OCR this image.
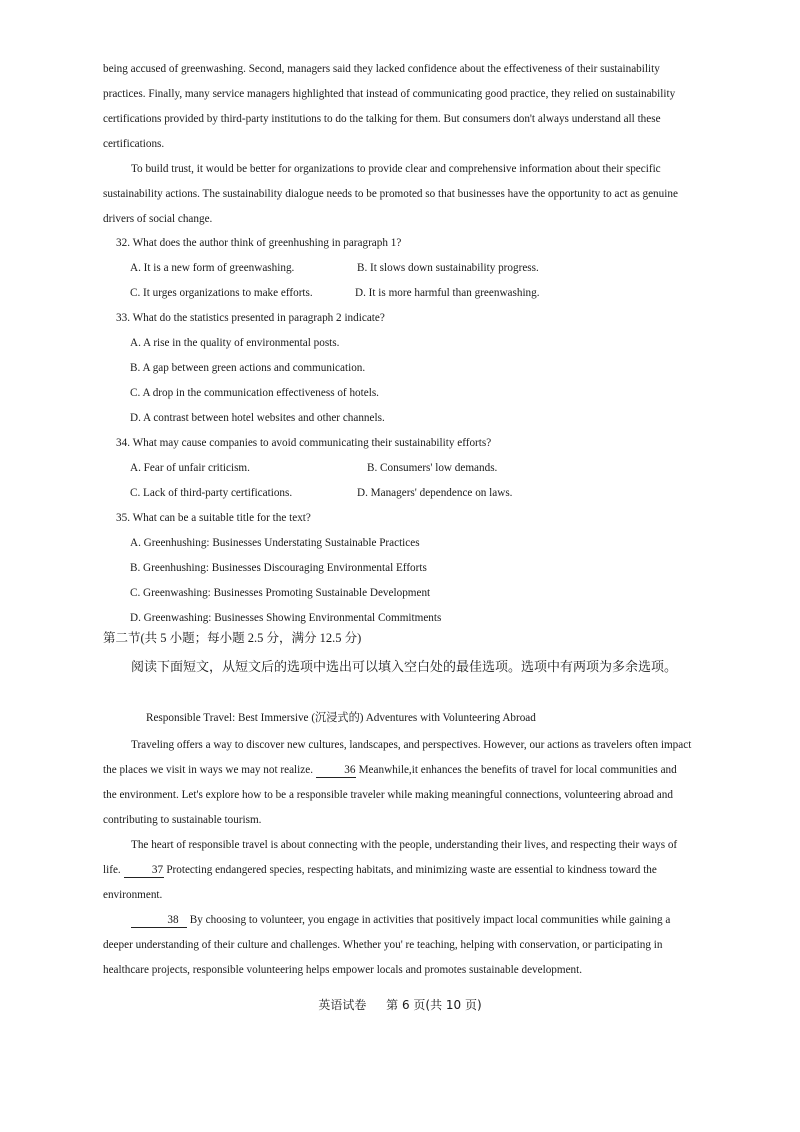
being accused of greenwashing. Second, managers said they lacked confidence about the effectiveness of their sustainability practices. Finally, many service managers highlighted that instead of communicating good practice, they relied on sustainability certifications provided by third-party institutions to do the talking for them. But consumers don't always understand all these certifications.

To build trust, it would be better for organizations to provide clear and comprehensive information about their specific sustainability actions. The sustainability dialogue needs to be promoted so that businesses have the opportunity to act as genuine drivers of social change.

32. What does the author think of greenhushing in paragraph 1?
A. It is a new form of greenwashing.	B. It slows down sustainability progress.
C. It urges organizations to make efforts.	D. It is more harmful than greenwashing.
33. What do the statistics presented in paragraph 2 indicate?
A. A rise in the quality of environmental posts.
B. A gap between green actions and communication.
C. A drop in the communication effectiveness of hotels.
D. A contrast between hotel websites and other channels.
34. What may cause companies to avoid communicating their sustainability efforts?
A. Fear of unfair criticism.	B. Consumers' low demands.
C. Lack of third-party certifications.	D. Managers' dependence on laws.
35. What can be a suitable title for the text?
A. Greenhushing: Businesses Understating Sustainable Practices
B. Greenhushing: Businesses Discouraging Environmental Efforts
C. Greenwashing: Businesses Promoting Sustainable Development
D. Greenwashing: Businesses Showing Environmental Commitments
第二节(共 5 小题；每小题 2.5 分，满分 12.5 分)

阅读下面短文，从短文后的选项中选出可以填入空白处的最佳选项。选项中有两项为多余选项。

Responsible Travel: Best Immersive (沉浸式的) Adventures with Volunteering Abroad

Traveling offers a way to discover new cultures, landscapes, and perspectives. However, our actions as travelers often impact the places we visit in ways we may not realize.	36 Meanwhile,it enhances the benefits of travel for local communities and the environment. Let's explore how to be a responsible traveler while making meaningful connections, volunteering abroad and contributing to sustainable tourism.

The heart of responsible travel is about connecting with the people, understanding their lives, and respecting their ways of life.	37 Protecting endangered species, respecting habitats, and minimizing waste are essential to kindness toward the environment.

38 By choosing to volunteer, you engage in activities that positively impact local communities while gaining a deeper understanding of their culture and challenges. Whether you' re teaching, helping with conservation, or participating in healthcare projects, responsible volunteering helps empower locals and promotes sustainable development.

英语试卷 第 6 页(共 10 页)
